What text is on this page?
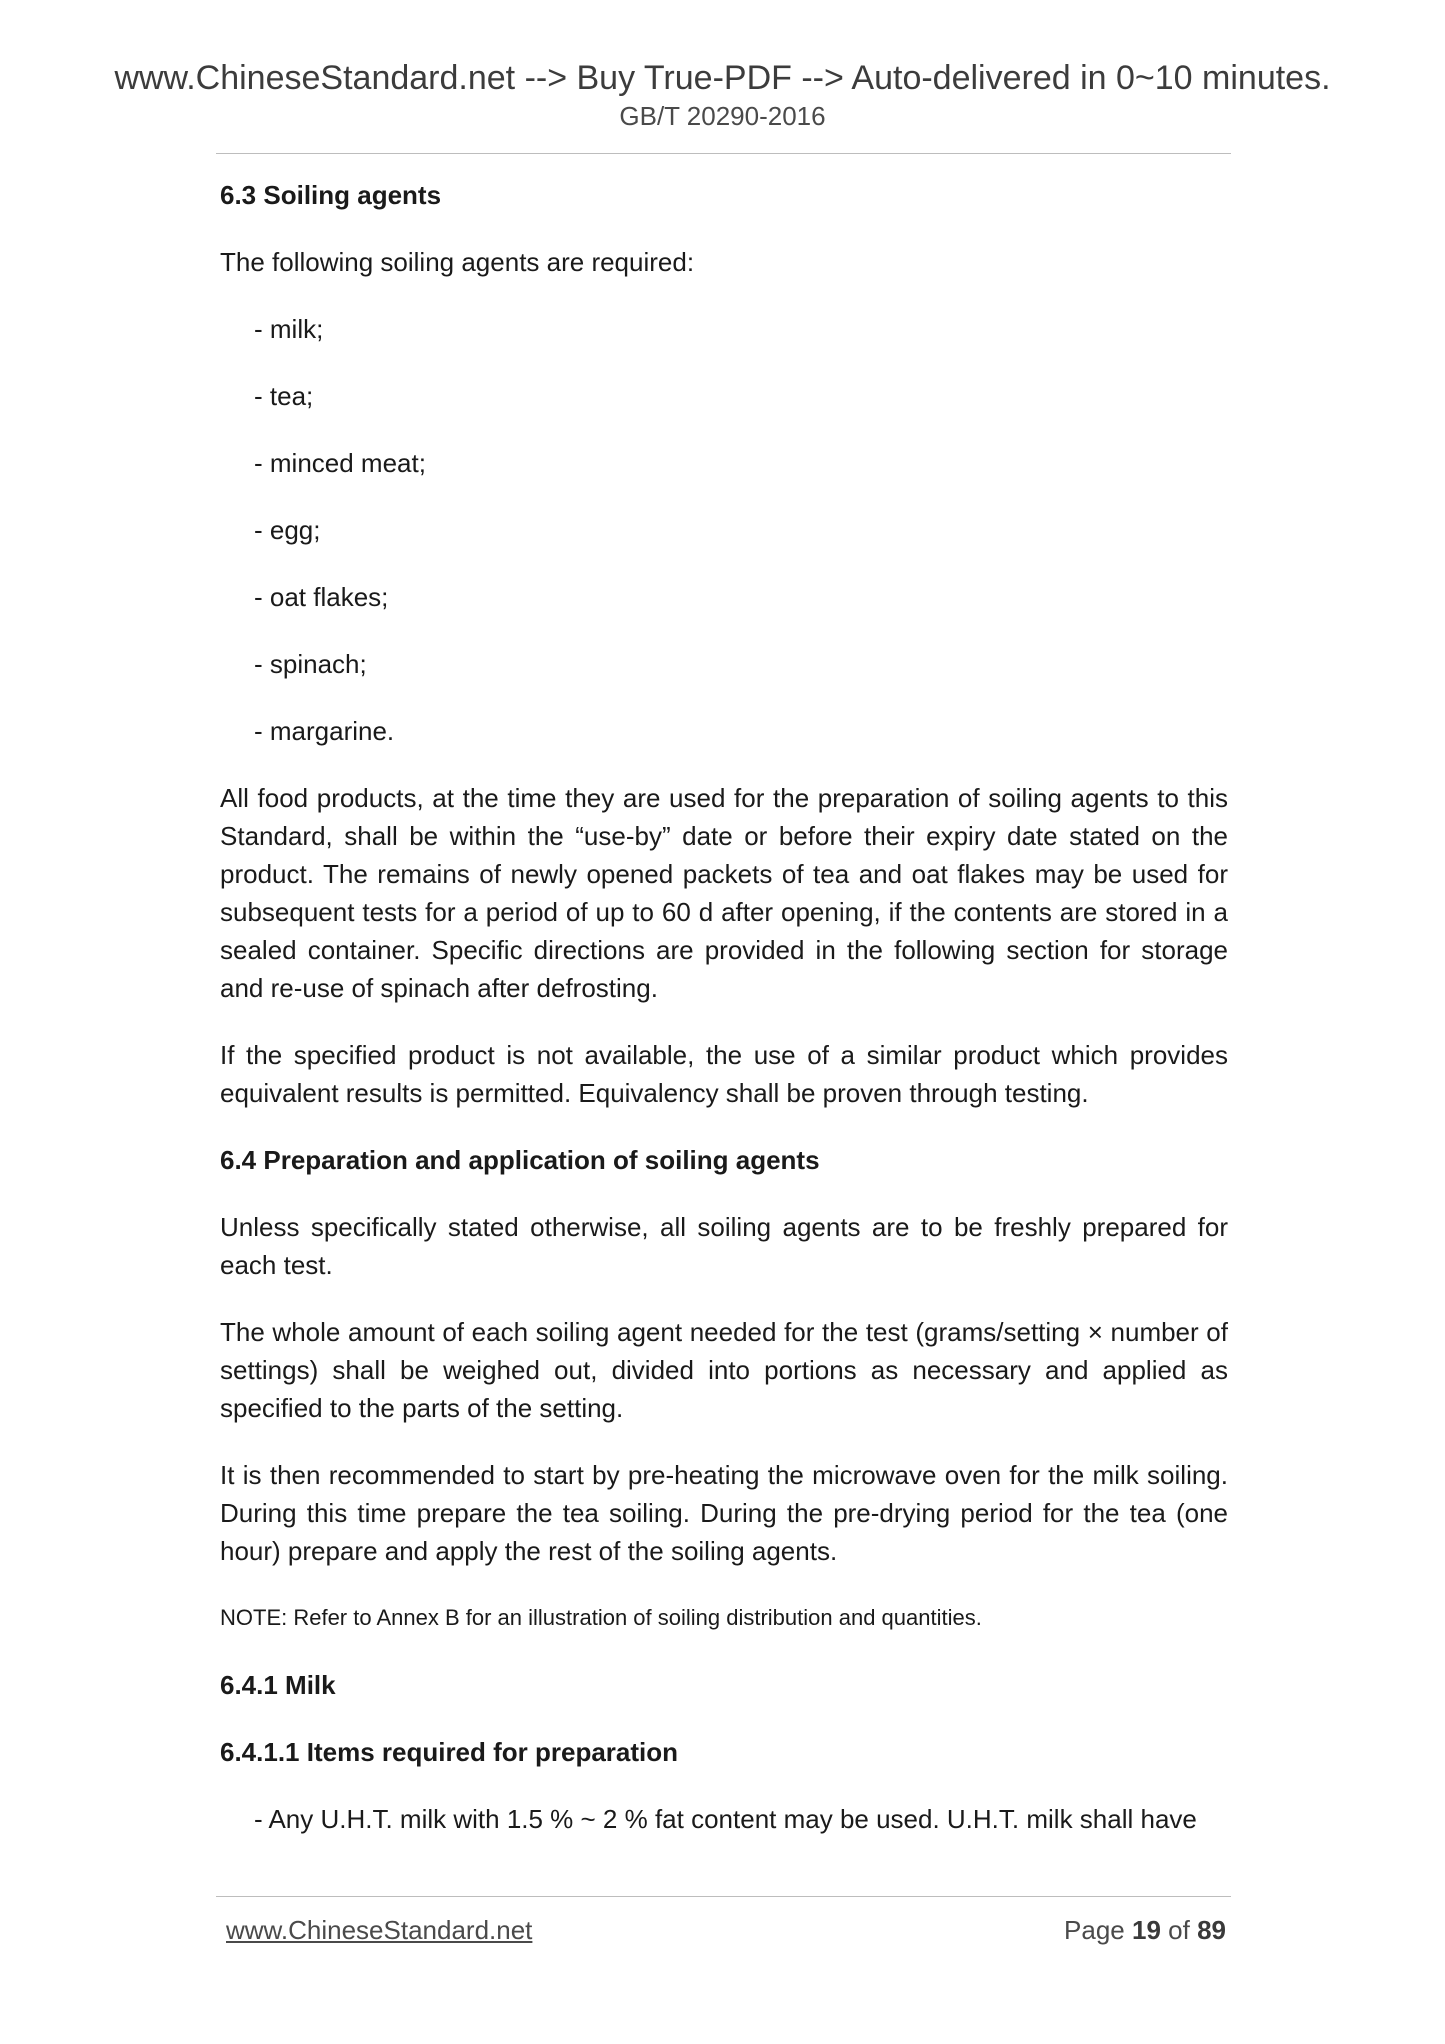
www.ChineseStandard.net --> Buy True-PDF --> Auto-delivered in 0~10 minutes.
GB/T 20290-2016

6.3 Soiling agents

The following soiling agents are required:

- milk;

- tea;

- minced meat;

- egg;

- oat flakes;

- spinach;

- margarine.

All food products, at the time they are used for the preparation of soiling agents to this Standard, shall be within the “use-by” date or before their expiry date stated on the product. The remains of newly opened packets of tea and oat flakes may be used for subsequent tests for a period of up to 60 d after opening, if the contents are stored in a sealed container. Specific directions are provided in the following section for storage and re-use of spinach after defrosting.

If the specified product is not available, the use of a similar product which provides equivalent results is permitted. Equivalency shall be proven through testing.

6.4 Preparation and application of soiling agents

Unless specifically stated otherwise, all soiling agents are to be freshly prepared for each test.

The whole amount of each soiling agent needed for the test (grams/setting × number of settings) shall be weighed out, divided into portions as necessary and applied as specified to the parts of the setting.

It is then recommended to start by pre-heating the microwave oven for the milk soiling. During this time prepare the tea soiling. During the pre-drying period for the tea (one hour) prepare and apply the rest of the soiling agents.

NOTE: Refer to Annex B for an illustration of soiling distribution and quantities.

6.4.1 Milk

6.4.1.1 Items required for preparation

- Any U.H.T. milk with 1.5 % ~ 2 % fat content may be used. U.H.T. milk shall have

www.ChineseStandard.net	Page 19 of 89
